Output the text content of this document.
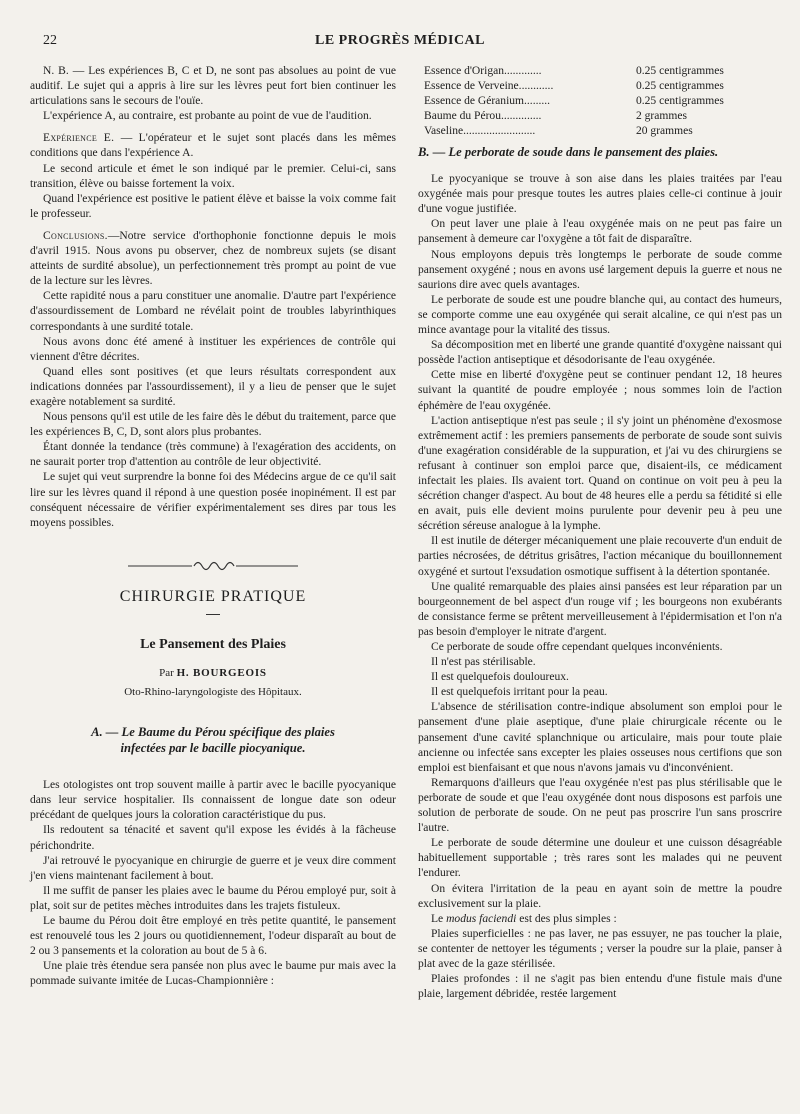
22	LE PROGRÈS MÉDICAL

N. B. — Les expériences B, C et D, ne sont pas absolues au point de vue auditif. Le sujet qui a appris à lire sur les lèvres peut fort bien continuer les articulations sans le secours de l'ouïe.

L'expérience A, au contraire, est probante au point de vue de l'audition.

Expérience E. — L'opérateur et le sujet sont placés dans les mêmes conditions que dans l'expérience A.

Le second articule et émet le son indiqué par le premier. Celui-ci, sans transition, élève ou baisse fortement la voix.

Quand l'expérience est positive le patient élève et baisse la voix comme fait le professeur.

Conclusions.—Notre service d'orthophonie fonctionne depuis le mois d'avril 1915. Nous avons pu observer, chez de nombreux sujets (se disant atteints de surdité absolue), un perfectionnement très prompt au point de vue de la lecture sur les lèvres.

Cette rapidité nous a paru constituer une anomalie. D'autre part l'expérience d'assourdissement de Lombard ne révélait point de troubles labyrinthiques correspondants à une surdité totale.

Nous avons donc été amené à instituer les expériences de contrôle qui viennent d'être décrites.

Quand elles sont positives (et que leurs résultats correspondent aux indications données par l'assourdissement), il y a lieu de penser que le sujet exagère notablement sa surdité.

Nous pensons qu'il est utile de les faire dès le début du traitement, parce que les expériences B, C, D, sont alors plus probantes.

Étant donnée la tendance (très commune) à l'exagération des accidents, on ne saurait porter trop d'attention au contrôle de leur objectivité.

Le sujet qui veut surprendre la bonne foi des Médecins argue de ce qu'il sait lire sur les lèvres quand il répond à une question posée inopinément. Il est par conséquent nécessaire de vérifier expérimentalement ses dires par tous les moyens possibles.

CHIRURGIE PRATIQUE
Le Pansement des Plaies
Par H. BOURGEOIS
Oto-Rhino-laryngologiste des Hôpitaux.
A. — Le Baume du Pérou spécifique des plaies
infectées par le bacille piocyanique.

Les otologistes ont trop souvent maille à partir avec le bacille pyocyanique dans leur service hospitalier. Ils connaissent de longue date son odeur précédant de quelques jours la coloration caractéristique du pus.

Ils redoutent sa ténacité et savent qu'il expose les évidés à la fâcheuse périchondrite.

J'ai retrouvé le pyocyanique en chirurgie de guerre et je veux dire comment j'en viens maintenant facilement à bout.

Il me suffit de panser les plaies avec le baume du Pérou employé pur, soit à plat, soit sur de petites mèches introduites dans les trajets fistuleux.

Le baume du Pérou doit être employé en très petite quantité, le pansement est renouvelé tous les 2 jours ou quotidiennement, l'odeur disparaît au bout de 2 ou 3 pansements et la coloration au bout de 5 à 6.

Une plaie très étendue sera pansée non plus avec le baume pur mais avec la pommade suivante imitée de Lucas-Championnière :

Essence d'Origan.............	0.25 centigrammes
Essence de Verveine............	0.25 centigrammes
Essence de Géranium.........	0.25 centigrammes
Baume du Pérou..............	2 grammes
Vaseline.........................	20 grammes

B. — Le perborate de soude dans le pansement des plaies.

Le pyocyanique se trouve à son aise dans les plaies traitées par l'eau oxygénée mais pour presque toutes les autres plaies celle-ci continue à jouir d'une vogue justifiée.

On peut laver une plaie à l'eau oxygénée mais on ne peut pas faire un pansement à demeure car l'oxygène a tôt fait de disparaître.

Nous employons depuis très longtemps le perborate de soude comme pansement oxygéné ; nous en avons usé largement depuis la guerre et nous ne saurions dire avec quels avantages.

Le perborate de soude est une poudre blanche qui, au contact des humeurs, se comporte comme une eau oxygénée qui serait alcaline, ce qui n'est pas un mince avantage pour la vitalité des tissus.

Sa décomposition met en liberté une grande quantité d'oxygène naissant qui possède l'action antiseptique et désodorisante de l'eau oxygénée.

Cette mise en liberté d'oxygène peut se continuer pendant 12, 18 heures suivant la quantité de poudre employée ; nous sommes loin de l'action éphémère de l'eau oxygénée.

L'action antiseptique n'est pas seule ; il s'y joint un phénomène d'exosmose extrêmement actif : les premiers pansements de perborate de soude sont suivis d'une exagération considérable de la suppuration, et j'ai vu des chirurgiens se refusant à continuer son emploi parce que, disaient-ils, ce médicament infectait les plaies. Ils avaient tort. Quand on continue on voit peu à peu la sécrétion changer d'aspect. Au bout de 48 heures elle a perdu sa fétidité si elle en avait, puis elle devient moins purulente pour devenir peu à peu une sécrétion séreuse analogue à la lymphe.

Il est inutile de déterger mécaniquement une plaie recouverte d'un enduit de parties nécrosées, de détritus grisâtres, l'action mécanique du bouillonnement oxygéné et surtout l'exsudation osmotique suffisent à la détertion spontanée.

Une qualité remarquable des plaies ainsi pansées est leur réparation par un bourgeonnement de bel aspect d'un rouge vif ; les bourgeons non exubérants de consistance ferme se prêtent merveilleusement à l'épidermisation et l'on n'a pas besoin d'employer le nitrate d'argent.

Ce perborate de soude offre cependant quelques inconvénients.

Il n'est pas stérilisable.

Il est quelquefois douloureux.

Il est quelquefois irritant pour la peau.

L'absence de stérilisation contre-indique absolument son emploi pour le pansement d'une plaie aseptique, d'une plaie chirurgicale récente ou le pansement d'une cavité splanchnique ou articulaire, mais pour toute plaie ancienne ou infectée sans excepter les plaies osseuses nous certifions que son emploi est bienfaisant et que nous n'avons jamais vu d'inconvénient.

Remarquons d'ailleurs que l'eau oxygénée n'est pas plus stérilisable que le perborate de soude et que l'eau oxygénée dont nous disposons est parfois une solution de perborate de soude. On ne peut pas proscrire l'un sans proscrire l'autre.

Le perborate de soude détermine une douleur et une cuisson désagréable habituellement supportable ; très rares sont les malades qui ne peuvent l'endurer.

On évitera l'irritation de la peau en ayant soin de mettre la poudre exclusivement sur la plaie.

Le modus faciendi est des plus simples :

Plaies superficielles : ne pas laver, ne pas essuyer, ne pas toucher la plaie, se contenter de nettoyer les téguments ; verser la poudre sur la plaie, panser à plat avec de la gaze stérilisée.

Plaies profondes : il ne s'agit pas bien entendu d'une fistule mais d'une plaie, largement débridée, restée largement
